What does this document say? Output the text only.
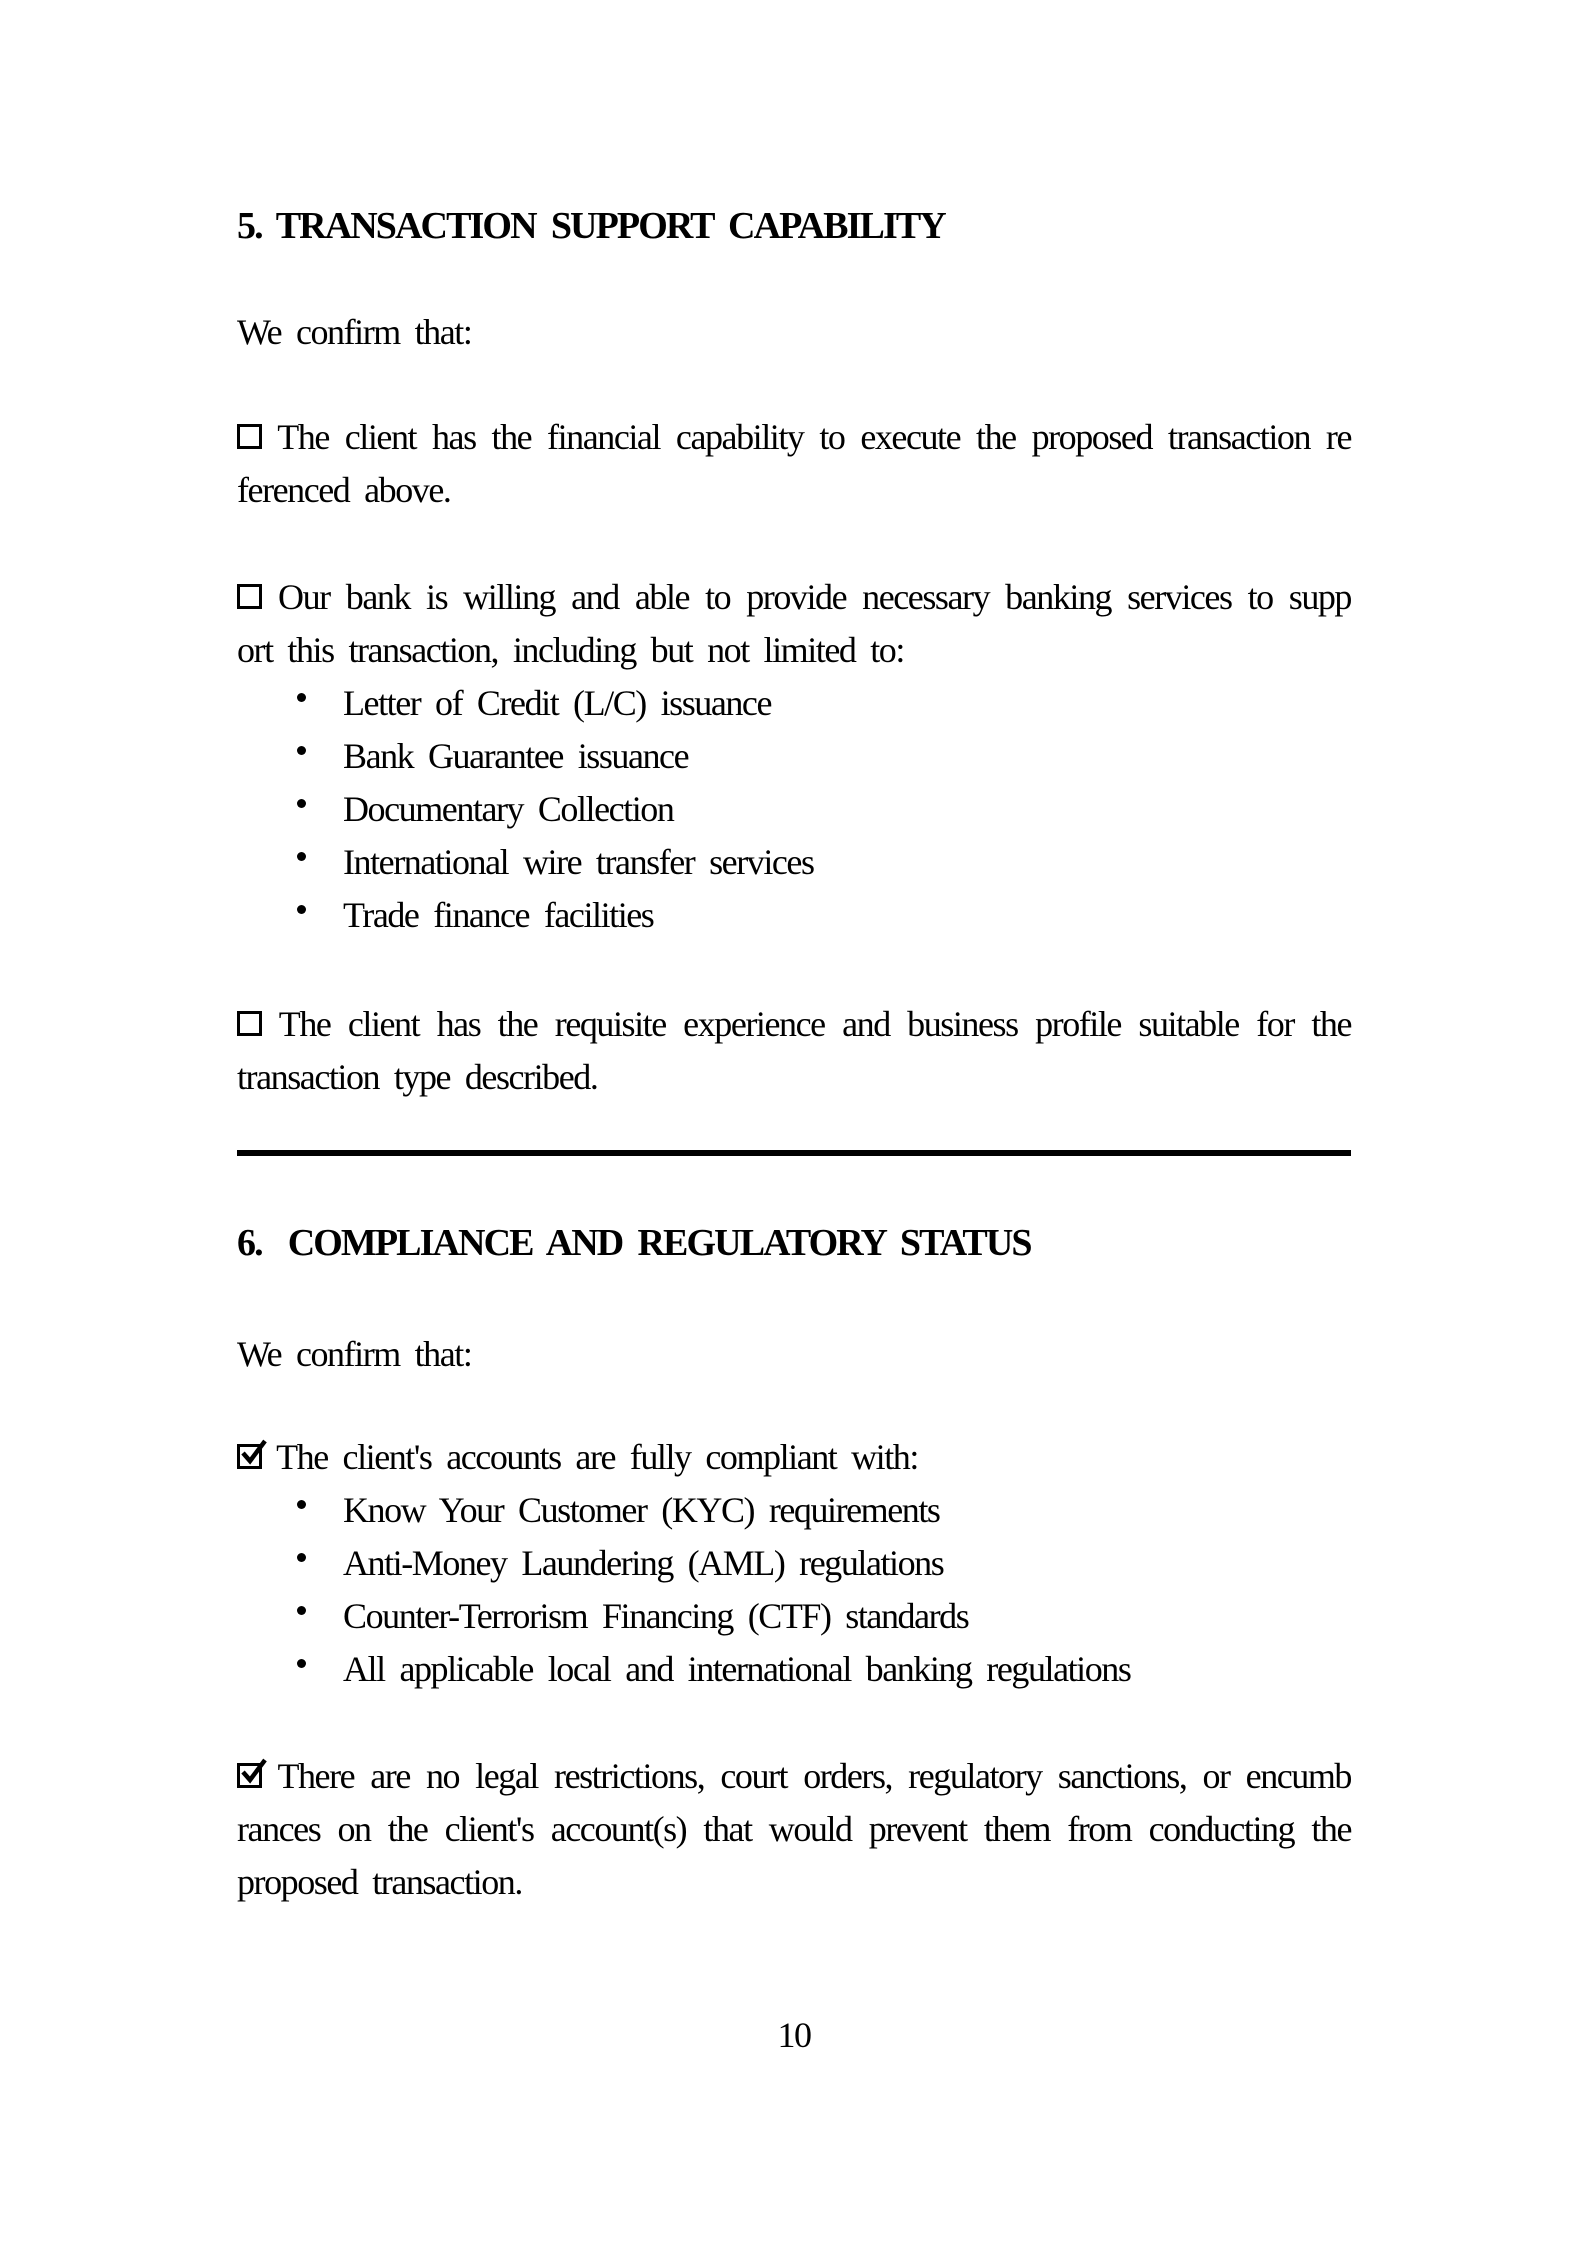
5. TRANSACTION SUPPORT CAPABILITY
We confirm that:
The client has the financial capability to execute the proposed transaction re
ferenced above.
Our bank is willing and able to provide necessary banking services to supp
ort this transaction, including but not limited to:
Letter of Credit (L/C) issuance
Bank Guarantee issuance
Documentary Collection
International wire transfer services
Trade finance facilities
The client has the requisite experience and business profile suitable for the
transaction type described.
6. COMPLIANCE AND REGULATORY STATUS
We confirm that:
The client's accounts are fully compliant with:
Know Your Customer (KYC) requirements
Anti-Money Laundering (AML) regulations
Counter-Terrorism Financing (CTF) standards
All applicable local and international banking regulations
There are no legal restrictions, court orders, regulatory sanctions, or encumb
rances on the client's account(s) that would prevent them from conducting the
proposed transaction.
10
